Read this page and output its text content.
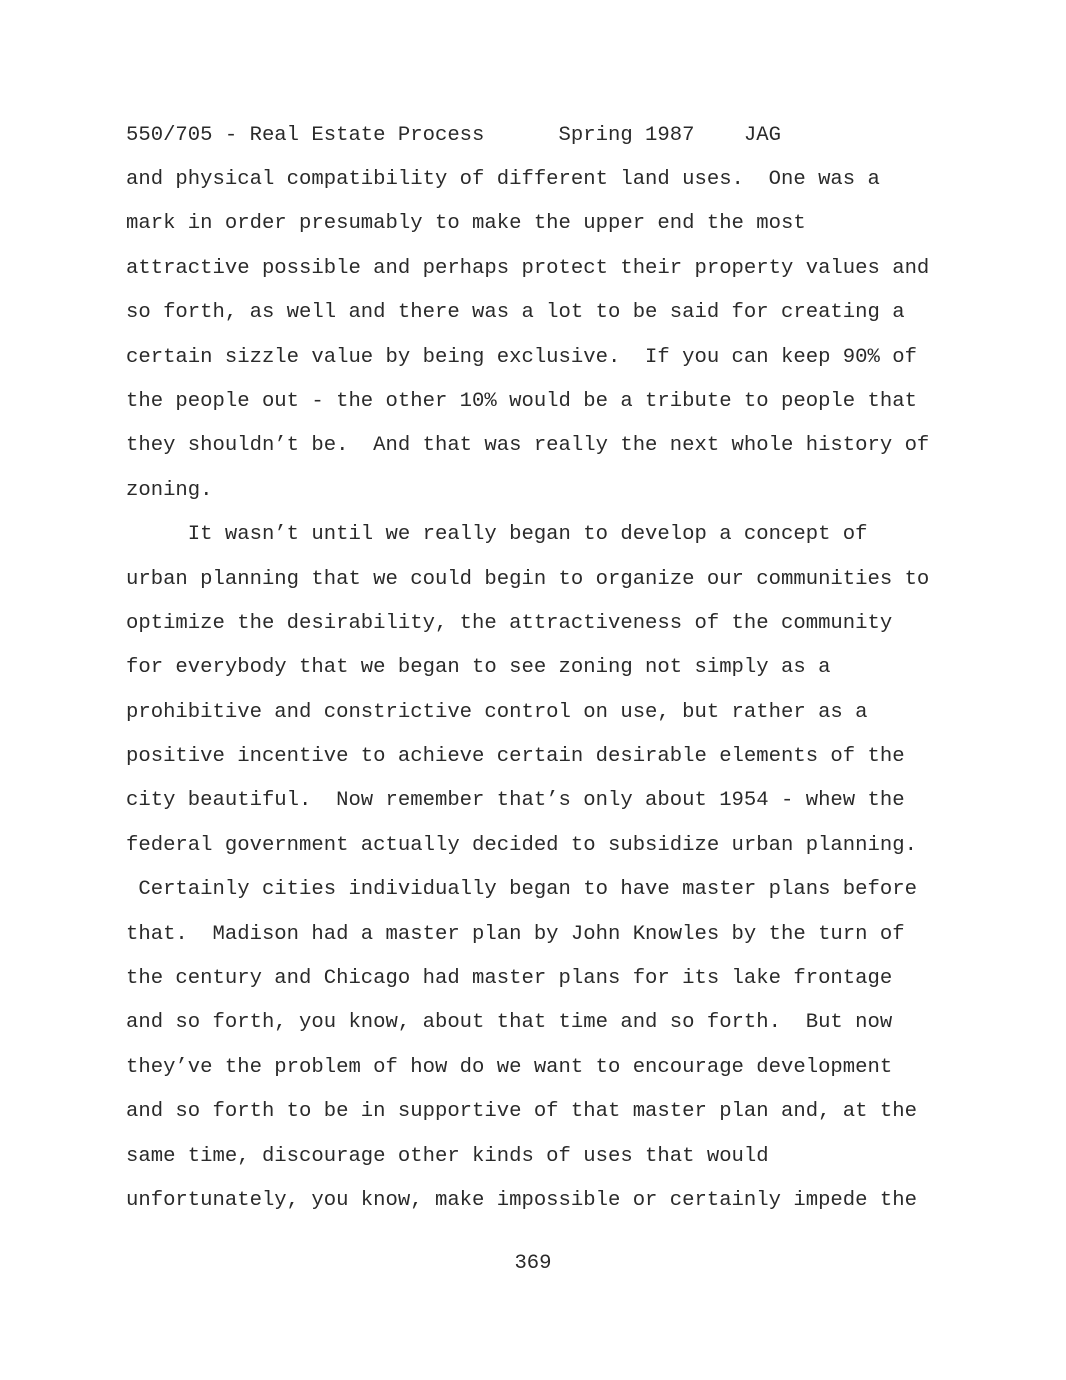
550/705 - Real Estate Process      Spring 1987    JAG
and physical compatibility of different land uses.  One was a
mark in order presumably to make the upper end the most
attractive possible and perhaps protect their property values and
so forth, as well and there was a lot to be said for creating a
certain sizzle value by being exclusive.  If you can keep 90% of
the people out - the other 10% would be a tribute to people that
they shouldn’t be.  And that was really the next whole history of
zoning.
It wasn’t until we really began to develop a concept of
urban planning that we could begin to organize our communities to
optimize the desirability, the attractiveness of the community
for everybody that we began to see zoning not simply as a
prohibitive and constrictive control on use, but rather as a
positive incentive to achieve certain desirable elements of the
city beautiful.  Now remember that’s only about 1954 - whew the
federal government actually decided to subsidize urban planning.
Certainly cities individually began to have master plans before
that.  Madison had a master plan by John Knowles by the turn of
the century and Chicago had master plans for its lake frontage
and so forth, you know, about that time and so forth.  But now
they’ve the problem of how do we want to encourage development
and so forth to be in supportive of that master plan and, at the
same time, discourage other kinds of uses that would
unfortunately, you know, make impossible or certainly impede the
369
